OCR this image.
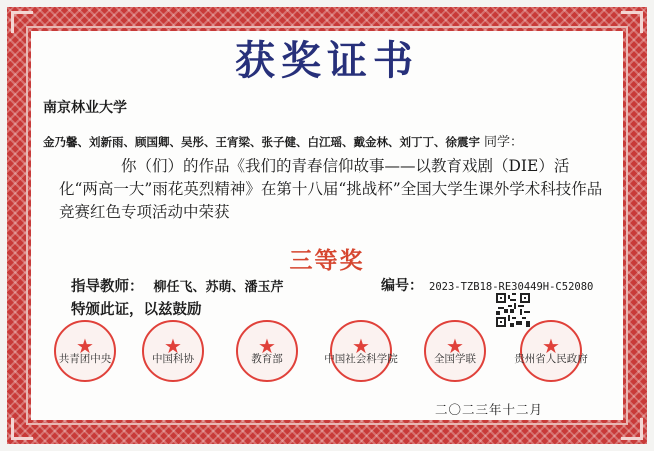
获奖证书
南京林业大学
金乃馨、刘新雨、顾国卿、吴彤、王宵梁、张子健、白江瑶、戴金林、刘丁丁、徐震宇 同学：
你（们）的作品《我们的青春信仰故事——以教育戏剧（DIE）活化“两高一大”雨花英烈精神》在第十八届“挑战杯”全国大学生课外学术科技作品竞赛红色专项活动中荣获
三等奖
指导教师： 柳任飞、苏萌、潘玉芹	编号： 2023-TZB18-RE30449H-C52080
特颁此证，以兹鼓励
★	★	★	★	★	★
共青团中央	中国科协	教育部	中国社会科学院	全国学联	贵州省人民政府
二〇二三年十二月
